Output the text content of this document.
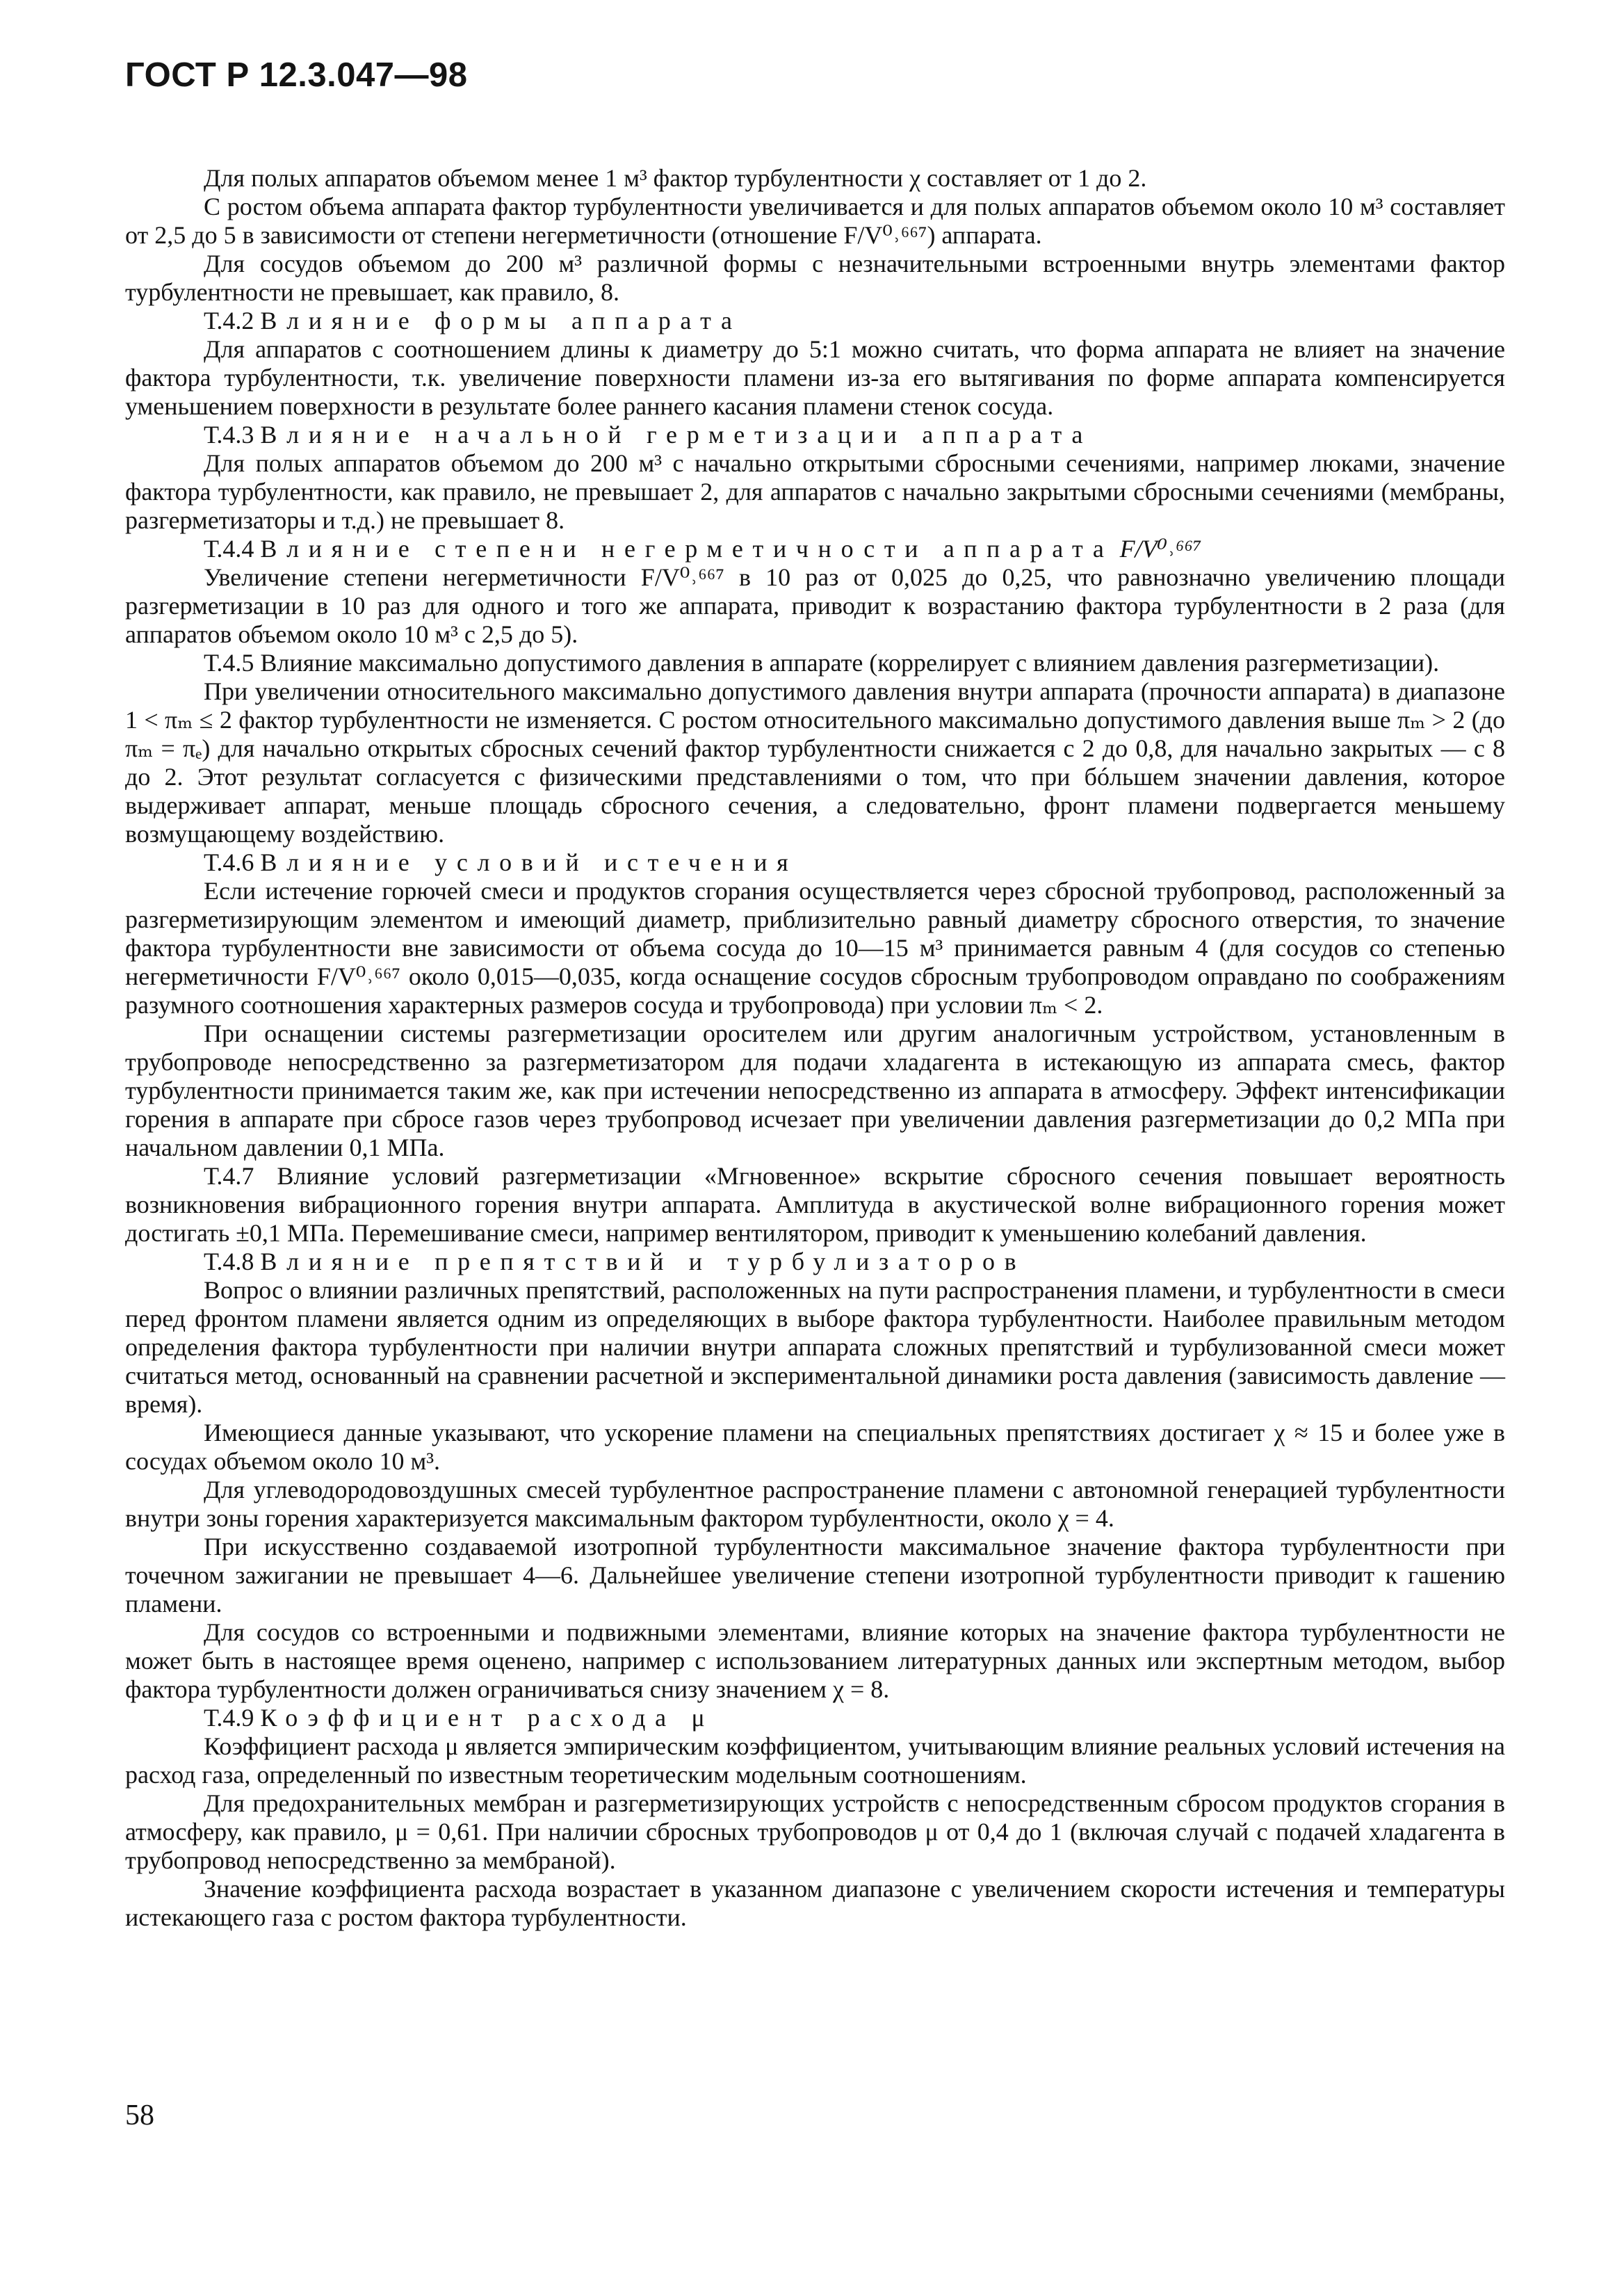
ГОСТ Р 12.3.047—98

Для полых аппаратов объемом менее 1 м³ фактор турбулентности χ составляет от 1 до 2.

С ростом объема аппарата фактор турбулентности увеличивается и для полых аппаратов объемом около 10 м³ составляет от 2,5 до 5 в зависимости от степени негерметичности (отношение F/V⁰˒⁶⁶⁷) аппарата.

Для сосудов объемом до 200 м³ различной формы с незначительными встроенными внутрь элементами фактор турбулентности не превышает, как правило, 8.

Т.4.2 Влияние формы аппарата

Для аппаратов с соотношением длины к диаметру до 5:1 можно считать, что форма аппарата не влияет на значение фактора турбулентности, т.к. увеличение поверхности пламени из-за его вытягивания по форме аппарата компенсируется уменьшением поверхности в результате более раннего касания пламени стенок сосуда.

Т.4.3 Влияние начальной герметизации аппарата

Для полых аппаратов объемом до 200 м³ с начально открытыми сбросными сечениями, например люками, значение фактора турбулентности, как правило, не превышает 2, для аппаратов с начально закрытыми сбросными сечениями (мембраны, разгерметизаторы и т.д.) не превышает 8.

Т.4.4 Влияние степени негерметичности аппарата F/V⁰˒⁶⁶⁷

Увеличение степени негерметичности F/V⁰˒⁶⁶⁷ в 10 раз от 0,025 до 0,25, что равнозначно увеличению площади разгерметизации в 10 раз для одного и того же аппарата, приводит к возрастанию фактора турбулентности в 2 раза (для аппаратов объемом около 10 м³ с 2,5 до 5).

Т.4.5 Влияние максимально допустимого давления в аппарате (коррелирует с влиянием давления разгерметизации).

При увеличении относительного максимально допустимого давления внутри аппарата (прочности аппарата) в диапазоне 1 < πₘ ≤ 2 фактор турбулентности не изменяется. С ростом относительного максимально допустимого давления выше πₘ > 2 (до πₘ = πₑ) для начально открытых сбросных сечений фактор турбулентности снижается с 2 до 0,8, для начально закрытых — с 8 до 2. Этот результат согласуется с физическими представлениями о том, что при бóльшем значении давления, которое выдерживает аппарат, меньше площадь сбросного сечения, а следовательно, фронт пламени подвергается меньшему возмущающему воздействию.

Т.4.6 Влияние условий истечения

Если истечение горючей смеси и продуктов сгорания осуществляется через сбросной трубопровод, расположенный за разгерметизирующим элементом и имеющий диаметр, приблизительно равный диаметру сбросного отверстия, то значение фактора турбулентности вне зависимости от объема сосуда до 10—15 м³ принимается равным 4 (для сосудов со степенью негерметичности F/V⁰˒⁶⁶⁷ около 0,015—0,035, когда оснащение сосудов сбросным трубопроводом оправдано по соображениям разумного соотношения характерных размеров сосуда и трубопровода) при условии πₘ < 2.

При оснащении системы разгерметизации оросителем или другим аналогичным устройством, установленным в трубопроводе непосредственно за разгерметизатором для подачи хладагента в истекающую из аппарата смесь, фактор турбулентности принимается таким же, как при истечении непосредственно из аппарата в атмосферу. Эффект интенсификации горения в аппарате при сбросе газов через трубопровод исчезает при увеличении давления разгерметизации до 0,2 МПа при начальном давлении 0,1 МПа.

Т.4.7 Влияние условий разгерметизации «Мгновенное» вскрытие сбросного сечения повышает вероятность возникновения вибрационного горения внутри аппарата. Амплитуда в акустической волне вибрационного горения может достигать ±0,1 МПа. Перемешивание смеси, например вентилятором, приводит к уменьшению колебаний давления.

Т.4.8 Влияние препятствий и турбулизаторов

Вопрос о влиянии различных препятствий, расположенных на пути распространения пламени, и турбулентности в смеси перед фронтом пламени является одним из определяющих в выборе фактора турбулентности. Наиболее правильным методом определения фактора турбулентности при наличии внутри аппарата сложных препятствий и турбулизованной смеси может считаться метод, основанный на сравнении расчетной и экспериментальной динамики роста давления (зависимость давление — время).

Имеющиеся данные указывают, что ускорение пламени на специальных препятствиях достигает χ ≈ 15 и более уже в сосудах объемом около 10 м³.

Для углеводородовоздушных смесей турбулентное распространение пламени с автономной генерацией турбулентности внутри зоны горения характеризуется максимальным фактором турбулентности, около χ = 4.

При искусственно создаваемой изотропной турбулентности максимальное значение фактора турбулентности при точечном зажигании не превышает 4—6. Дальнейшее увеличение степени изотропной турбулентности приводит к гашению пламени.

Для сосудов со встроенными и подвижными элементами, влияние которых на значение фактора турбулентности не может быть в настоящее время оценено, например с использованием литературных данных или экспертным методом, выбор фактора турбулентности должен ограничиваться снизу значением χ = 8.

Т.4.9 Коэффициент расхода μ

Коэффициент расхода μ является эмпирическим коэффициентом, учитывающим влияние реальных условий истечения на расход газа, определенный по известным теоретическим модельным соотношениям.

Для предохранительных мембран и разгерметизирующих устройств с непосредственным сбросом продуктов сгорания в атмосферу, как правило, μ = 0,61. При наличии сбросных трубопроводов μ от 0,4 до 1 (включая случай с подачей хладагента в трубопровод непосредственно за мембраной).

Значение коэффициента расхода возрастает в указанном диапазоне с увеличением скорости истечения и температуры истекающего газа с ростом фактора турбулентности.

58
